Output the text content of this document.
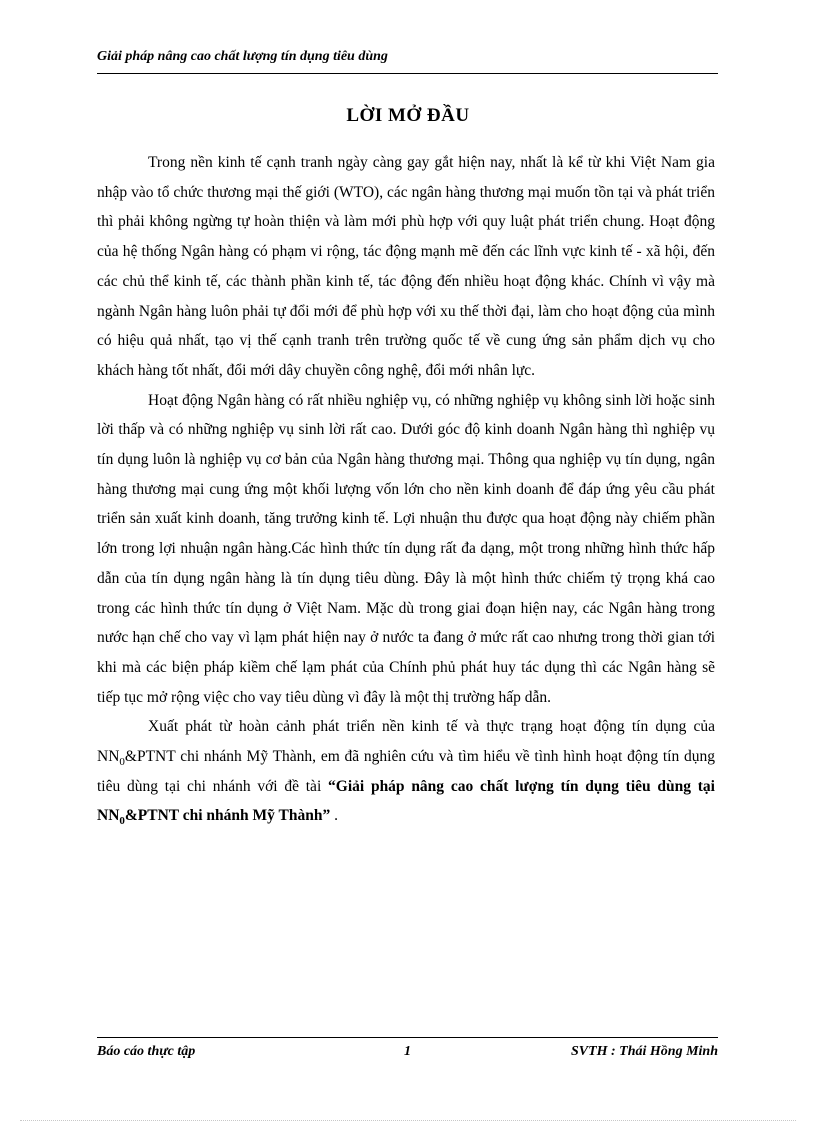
Giải pháp nâng cao chất lượng tín dụng tiêu dùng
LỜI MỞ ĐẦU

Trong nền kinh tế cạnh tranh ngày càng gay gắt hiện nay, nhất là kể từ khi Việt Nam gia nhập vào tổ chức thương mại thế giới (WTO), các ngân hàng thương mại muốn tồn tại và phát triển thì phải không ngừng tự hoàn thiện và làm mới phù hợp với quy luật phát triển chung. Hoạt động của hệ thống Ngân hàng có phạm vi rộng, tác động mạnh mẽ đến các lĩnh vực kinh tế - xã hội, đến các chủ thể kinh tế, các thành phần kinh tế, tác động đến nhiều hoạt động khác. Chính vì vậy mà ngành Ngân hàng luôn phải tự đổi mới để phù hợp với xu thế thời đại, làm cho hoạt động của mình có hiệu quả nhất, tạo vị thế cạnh tranh trên trường quốc tế về cung ứng sản phẩm dịch vụ cho khách hàng tốt nhất, đổi mới dây chuyền công nghệ, đổi mới nhân lực.

Hoạt động Ngân hàng có rất nhiều nghiệp vụ, có những nghiệp vụ không sinh lời hoặc sinh lời thấp và có những nghiệp vụ sinh lời rất cao. Dưới góc độ kinh doanh Ngân hàng thì nghiệp vụ tín dụng luôn là nghiệp vụ cơ bản của Ngân hàng thương mại. Thông qua nghiệp vụ tín dụng, ngân hàng thương mại cung ứng một khối lượng vốn lớn cho nền kinh doanh để đáp ứng yêu cầu phát triển sản xuất kinh doanh, tăng trưởng kinh tế. Lợi nhuận thu được qua hoạt động này chiếm phần lớn trong lợi nhuận ngân hàng.Các hình thức tín dụng rất đa dạng, một trong những hình thức hấp dẫn của tín dụng ngân hàng là tín dụng tiêu dùng. Đây là một hình thức chiếm tỷ trọng khá cao trong các hình thức tín dụng ở Việt Nam. Mặc dù trong giai đoạn hiện nay, các Ngân hàng trong nước hạn chế cho vay vì lạm phát hiện nay ở nước ta đang ở mức rất cao nhưng trong thời gian tới khi mà các biện pháp kiềm chế lạm phát của Chính phủ phát huy tác dụng thì các Ngân hàng sẽ tiếp tục mở rộng việc cho vay tiêu dùng vì đây là một thị trường hấp dẫn.

Xuất phát từ hoàn cảnh phát triển nền kinh tế và thực trạng hoạt động tín dụng của $NN_0\&PTNT$ chi nhánh Mỹ Thành, em đã nghiên cứu và tìm hiểu về tình hình hoạt động tín dụng tiêu dùng tại chi nhánh với đề tài “Giải pháp nâng cao chất lượng tín dụng tiêu dùng tại $NN_0\&PTNT$ chi nhánh Mỹ Thành” .

Báo cáo thực tập	1	SVTH : Thái Hồng Minh
